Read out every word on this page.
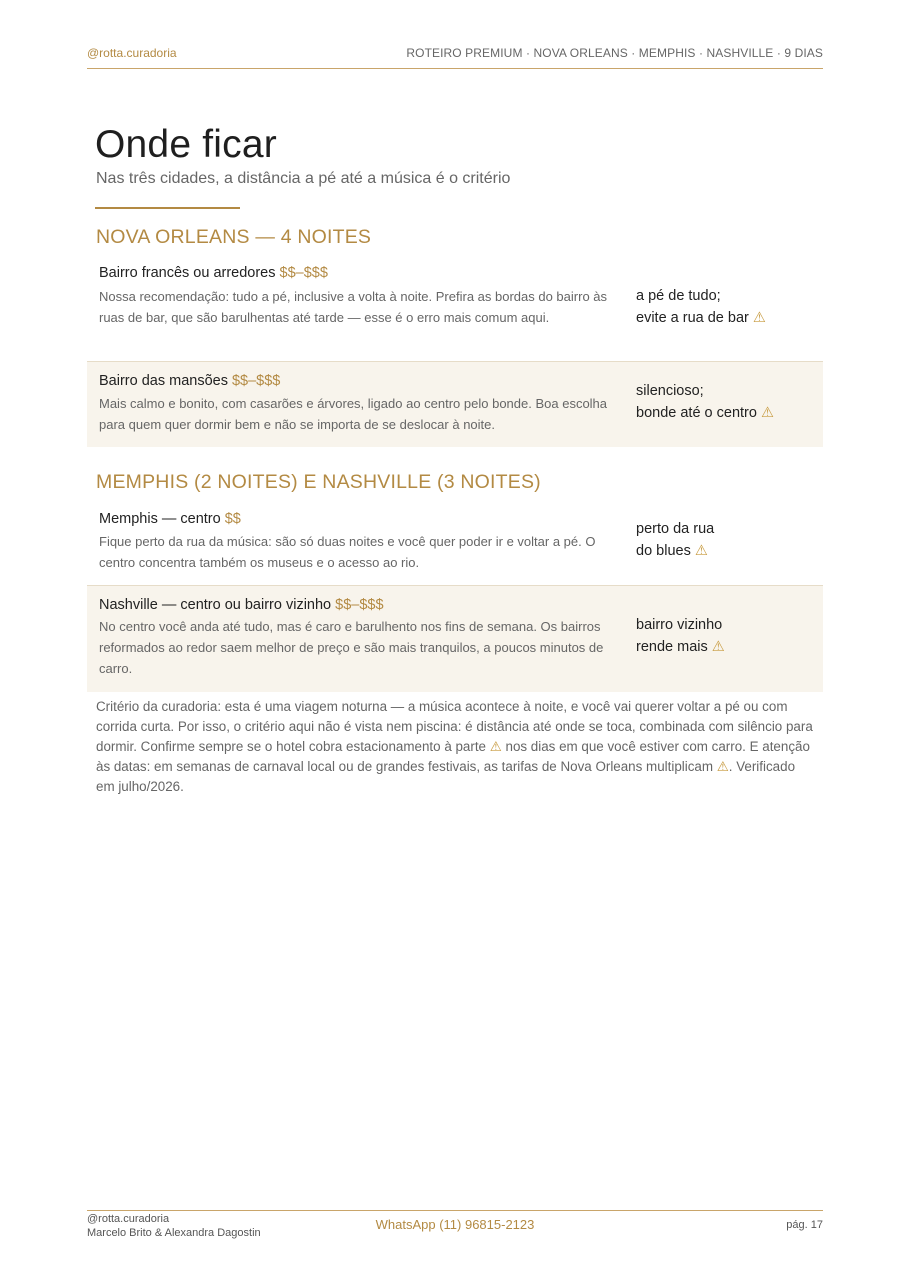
@rotta.curadoria	ROTEIRO PREMIUM · NOVA ORLEANS · MEMPHIS · NASHVILLE · 9 DIAS
Onde ficar
Nas três cidades, a distância a pé até a música é o critério
NOVA ORLEANS — 4 NOITES
Bairro francês ou arredores $$–$$$
Nossa recomendação: tudo a pé, inclusive a volta à noite. Prefira as bordas do bairro às ruas de bar, que são barulhentas até tarde — esse é o erro mais comum aqui.
a pé de tudo;
evite a rua de bar ⚠
Bairro das mansões $$–$$$
Mais calmo e bonito, com casarões e árvores, ligado ao centro pelo bonde. Boa escolha para quem quer dormir bem e não se importa de se deslocar à noite.
silencioso;
bonde até o centro ⚠
MEMPHIS (2 NOITES) E NASHVILLE (3 NOITES)
Memphis — centro $$
Fique perto da rua da música: são só duas noites e você quer poder ir e voltar a pé. O centro concentra também os museus e o acesso ao rio.
perto da rua
do blues ⚠
Nashville — centro ou bairro vizinho $$–$$$
No centro você anda até tudo, mas é caro e barulhento nos fins de semana. Os bairros reformados ao redor saem melhor de preço e são mais tranquilos, a poucos minutos de carro.
bairro vizinho
rende mais ⚠

Critério da curadoria: esta é uma viagem noturna — a música acontece à noite, e você vai querer voltar a pé ou com corrida curta. Por isso, o critério aqui não é vista nem piscina: é distância até onde se toca, combinada com silêncio para dormir. Confirme sempre se o hotel cobra estacionamento à parte ⚠ nos dias em que você estiver com carro. E atenção às datas: em semanas de carnaval local ou de grandes festivais, as tarifas de Nova Orleans multiplicam ⚠. Verificado em julho/2026.

@rotta.curadoria
Marcelo Brito & Alexandra Dagostin
WhatsApp (11) 96815-2123	pág. 17
